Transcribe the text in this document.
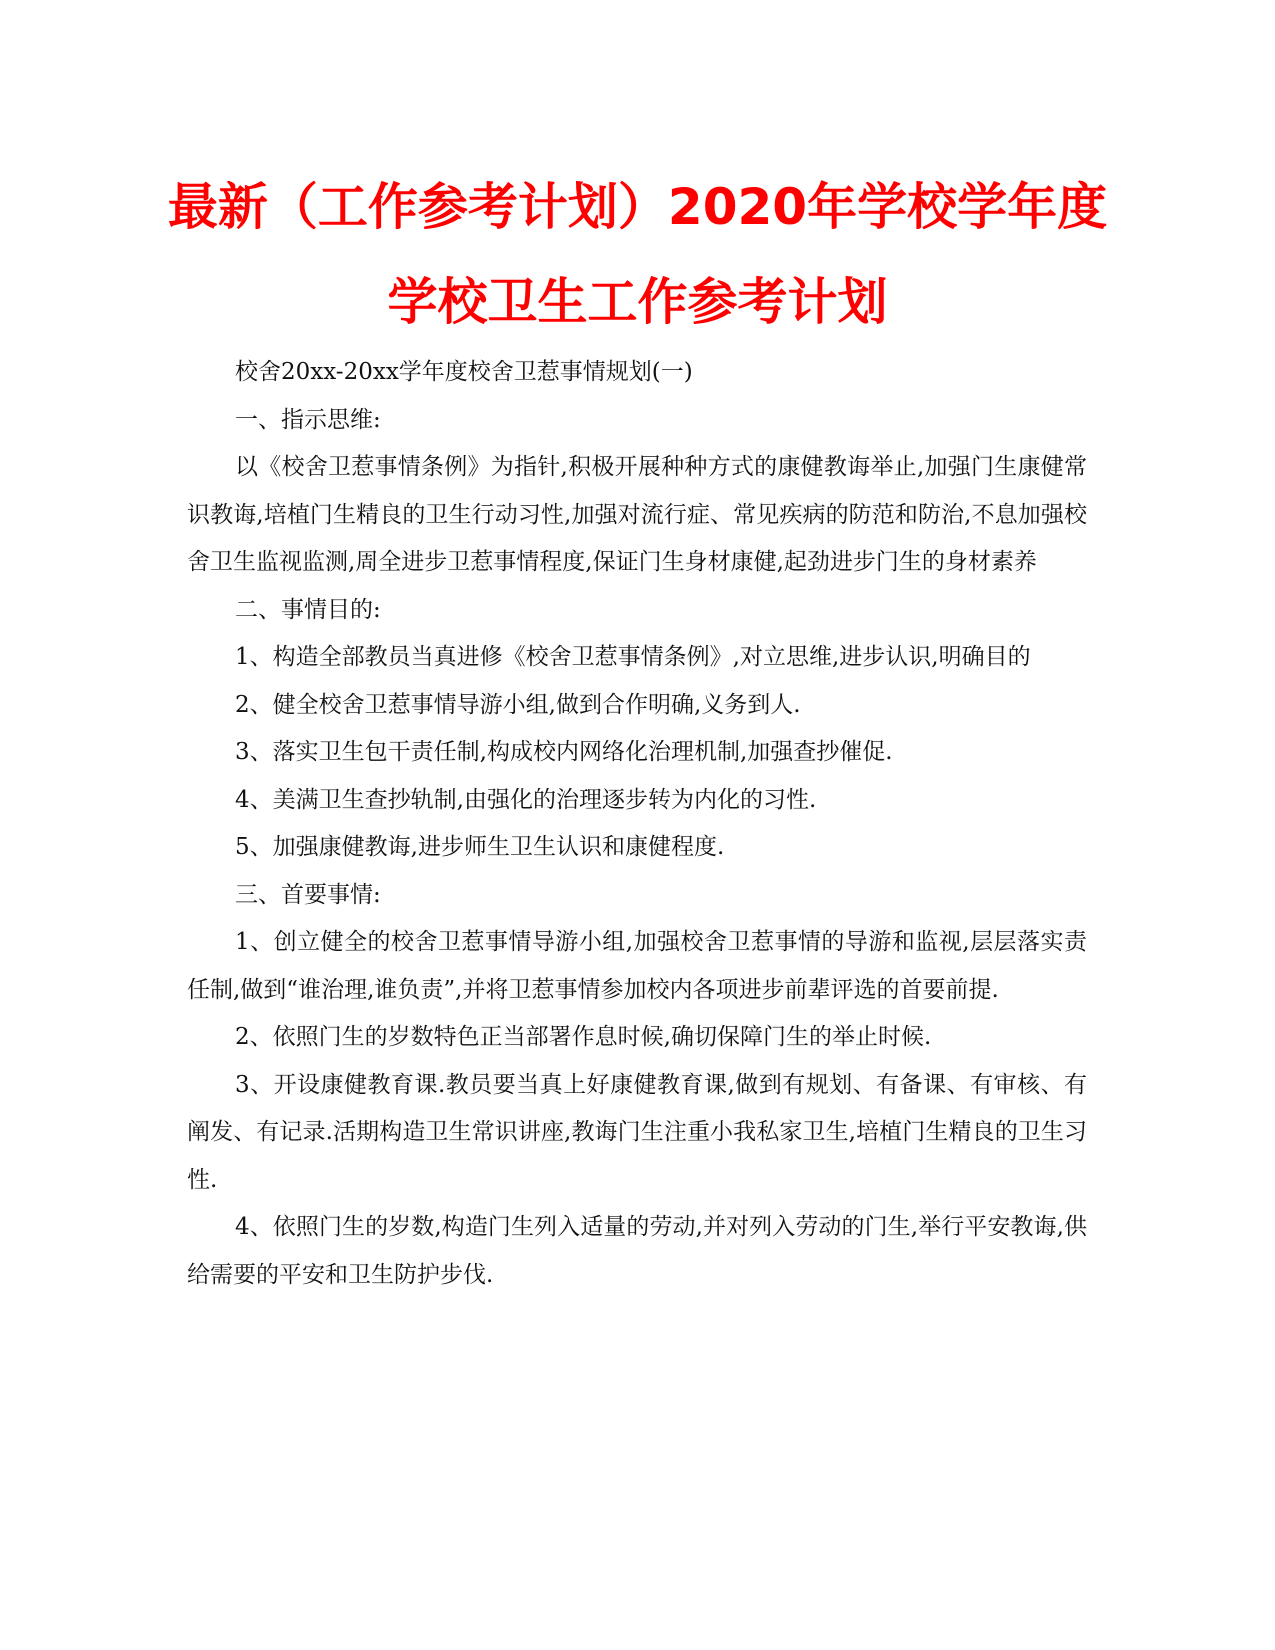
最新（工作参考计划）2020年学校学年度
学校卫生工作参考计划

校舍20xx-20xx学年度校舍卫惹事情规划(一)

一、指示思维:

以《校舍卫惹事情条例》为指针,积极开展种种方式的康健教诲举止,加强门生康健常识教诲,培植门生精良的卫生行动习性,加强对流行症、常见疾病的防范和防治,不息加强校舍卫生监视监测,周全进步卫惹事情程度,保证门生身材康健,起劲进步门生的身材素养

二、事情目的:

1、构造全部教员当真进修《校舍卫惹事情条例》,对立思维,进步认识,明确目的

2、健全校舍卫惹事情导游小组,做到合作明确,义务到人.

3、落实卫生包干责任制,构成校内网络化治理机制,加强查抄催促.

4、美满卫生查抄轨制,由强化的治理逐步转为内化的习性.

5、加强康健教诲,进步师生卫生认识和康健程度.

三、首要事情:

1、创立健全的校舍卫惹事情导游小组,加强校舍卫惹事情的导游和监视,层层落实责任制,做到“谁治理,谁负责”,并将卫惹事情参加校内各项进步前辈评选的首要前提.

2、依照门生的岁数特色正当部署作息时候,确切保障门生的举止时候.

3、开设康健教育课.教员要当真上好康健教育课,做到有规划、有备课、有审核、有阐发、有记录.活期构造卫生常识讲座,教诲门生注重小我私家卫生,培植门生精良的卫生习性.

4、依照门生的岁数,构造门生列入适量的劳动,并对列入劳动的门生,举行平安教诲,供给需要的平安和卫生防护步伐.
